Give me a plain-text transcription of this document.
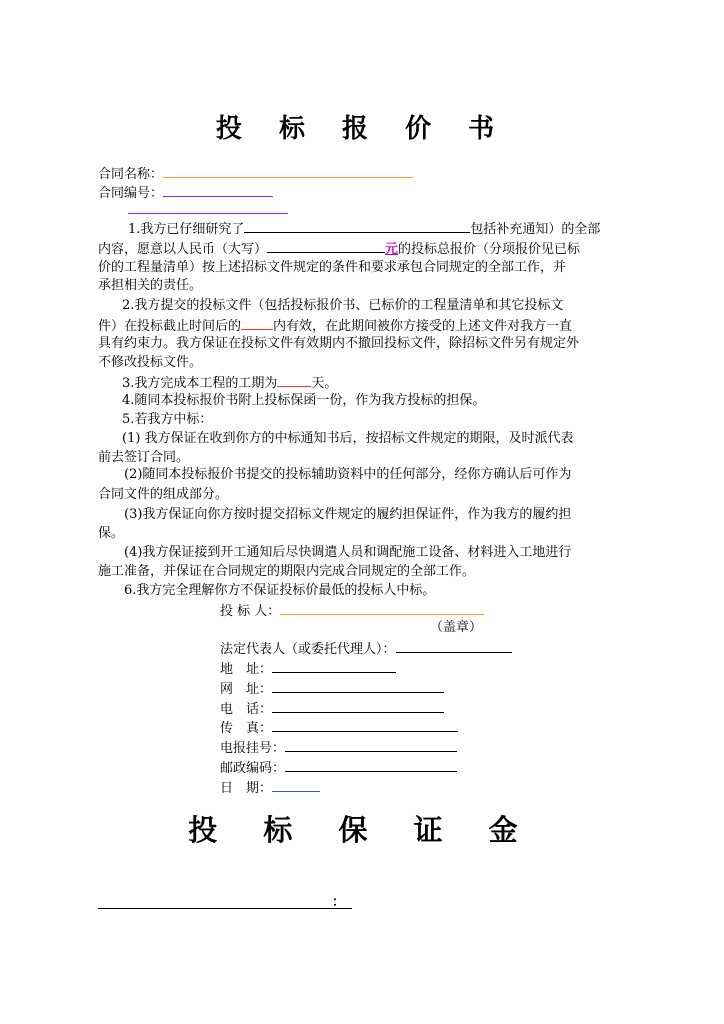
投 标 报 价 书
合同名称：
合同编号：
1.我方已仔细研究了	包括补充通知）的全部
内容，愿意以人民币（大写）	元的投标总报价（分项报价见已标
价的工程量清单）按上述招标文件规定的条件和要求承包合同规定的全部工作，并
承担相关的责任。
2.我方提交的投标文件（包括投标报价书、已标价的工程量清单和其它投标文
件）在投标截止时间后的 内有效，在此期间被你方接受的上述文件对我方一直
具有约束力。我方保证在投标文件有效期内不撤回投标文件，除招标文件另有规定外
不修改投标文件。
3.我方完成本工程的工期为	天。
4.随同本投标报价书附上投标保函一份，作为我方投标的担保。
5.若我方中标：
(1) 我方保证在收到你方的中标通知书后，按招标文件规定的期限，及时派代表
前去签订合同。
(2)随同本投标报价书提交的投标辅助资料中的任何部分，经你方确认后可作为
合同文件的组成部分。
(3)我方保证向你方按时提交招标文件规定的履约担保证件，作为我方的履约担
保。
(4)我方保证接到开工通知后尽快调遣人员和调配施工设备、材料进入工地进行
施工准备，并保证在合同规定的期限内完成合同规定的全部工作。
6.我方完全理解你方不保证投标价最低的投标人中标。
投 标 人：
（盖章）
法定代表人（或委托代理人）：
地　址：
网　址：
电　话：
传　真：
电报挂号：
邮政编码：
日　期：
投 标 保 证 金
：
